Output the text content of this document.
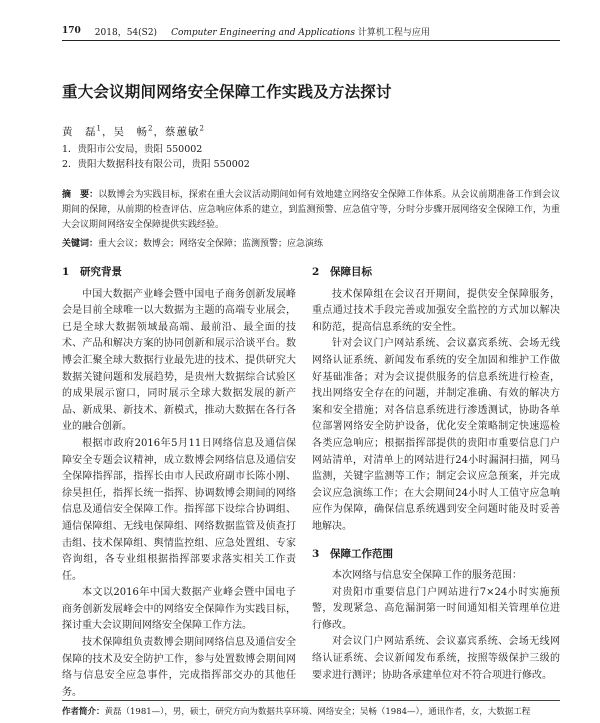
170 2018，54(S2) Computer Engineering and Applications 计算机工程与应用
重大会议期间网络安全保障工作实践及方法探讨
黄　磊$^1$，吴　畅$^2$，蔡蕙敏$^2$
1．贵阳市公安局，贵阳 550002
2．贵阳大数据科技有限公司，贵阳 550002
摘　要：以数博会为实践目标，探索在重大会议活动期间如何有效地建立网络安全保障工作体系。从会议前期准备工作到会议期间的保障，从前期的检查评估、应急响应体系的建立，到监测预警、应急值守等，分时分步骤开展网络安全保障工作，为重大会议期间网络安全保障提供实践经验。
关键词：重大会议；数博会；网络安全保障；监测预警；应急演练
1 研究背景

中国大数据产业峰会暨中国电子商务创新发展峰会是目前全球唯一以大数据为主题的高端专业展会，已是全球大数据领域最高端、最前沿、最全面的技术、产品和解决方案的协同创新和展示洽谈平台。数博会汇聚全球大数据行业最先进的技术、提供研究大数据关键问题和发展趋势，是贵州大数据综合试验区的成果展示窗口，同时展示全球大数据发展的新产品、新成果、新技术、新模式，推动大数据在各行各业的融合创新。

根据市政府2016年5月11日网络信息及通信保障安全专题会议精神，成立数博会网络信息及通信安全保障指挥部，指挥长由市人民政府副市长陈小刚、徐昊担任，指挥长统一指挥、协调数博会期间的网络信息及通信安全保障工作。指挥部下设综合协调组、通信保障组、无线电保障组、网络数据监管及侦查打击组、技术保障组、舆情监控组、应急处置组、专家咨询组，各专业组根据指挥部要求落实相关工作责任。

本文以2016年中国大数据产业峰会暨中国电子商务创新发展峰会中的网络安全保障作为实践目标，探讨重大会议期间网络安全保障工作方法。

技术保障组负责数博会期间网络信息及通信安全保障的技术及安全防护工作，参与处置数博会期间网络与信息安全应急事件，完成指挥部交办的其他任务。

2 保障目标

技术保障组在会议召开期间，提供安全保障服务，重点通过技术手段完善或加强安全监控的方式加以解决和防范，提高信息系统的安全性。

针对会议门户网站系统、会议嘉宾系统、会场无线网络认证系统、新闻发布系统的安全加固和维护工作做好基础准备；对为会议提供服务的信息系统进行检查，找出网络安全存在的问题，并制定准确、有效的解决方案和安全措施；对各信息系统进行渗透测试，协助各单位部署网络安全防护设备，优化安全策略制定快速巡检各类应急响应；根据指挥部提供的贵阳市重要信息门户网站清单，对清单上的网站进行24小时漏洞扫描，网马监测，关键字监测等工作；制定会议应急预案，并完成会议应急演练工作；在大会期间24小时人工值守应急响应作为保障，确保信息系统遇到安全问题时能及时妥善地解决。

3 保障工作范围

本次网络与信息安全保障工作的服务范围：

对贵阳市重要信息门户网站进行7×24小时实施预警，发现紧急、高危漏洞第一时间通知相关管理单位进行修改。

对会议门户网站系统、会议嘉宾系统、会场无线网络认证系统、会议新闻发布系统，按照等级保护三级的要求进行测评；协助各承建单位对不符合项进行修改。

作者简介：黄磊（1981—），男，硕士，研究方向为数据共享环境、网络安全；吴畅（1984—），通讯作者，女，大数据工程
